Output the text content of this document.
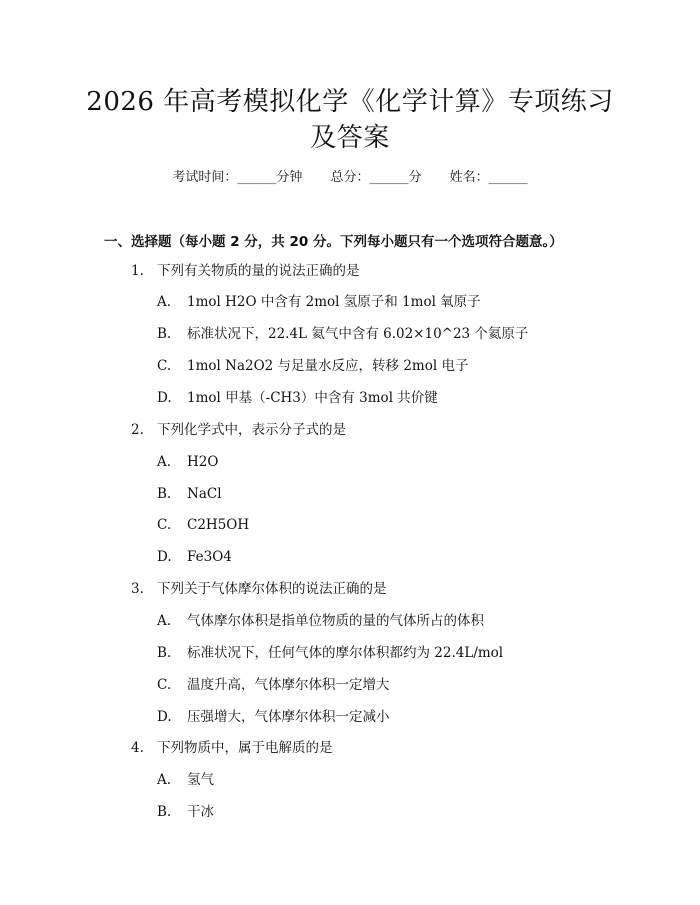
2026 年高考模拟化学《化学计算》专项练习
及答案
考试时间：______分钟 总分：______分 姓名：______
一、选择题（每小题 2 分，共 20 分。下列每小题只有一个选项符合题意。）
1. 下列有关物质的量的说法正确的是
A. 1mol H2O 中含有 2mol 氢原子和 1mol 氧原子
B. 标准状况下，22.4L 氦气中含有 6.02×10^23 个氦原子
C. 1mol Na2O2 与足量水反应，转移 2mol 电子
D. 1mol 甲基（-CH3）中含有 3mol 共价键
2. 下列化学式中，表示分子式的是
A. H2O
B. NaCl
C. C2H5OH
D. Fe3O4
3. 下列关于气体摩尔体积的说法正确的是
A. 气体摩尔体积是指单位物质的量的气体所占的体积
B. 标准状况下，任何气体的摩尔体积都约为 22.4L/mol
C. 温度升高，气体摩尔体积一定增大
D. 压强增大，气体摩尔体积一定减小
4. 下列物质中，属于电解质的是
A. 氢气
B. 干冰
